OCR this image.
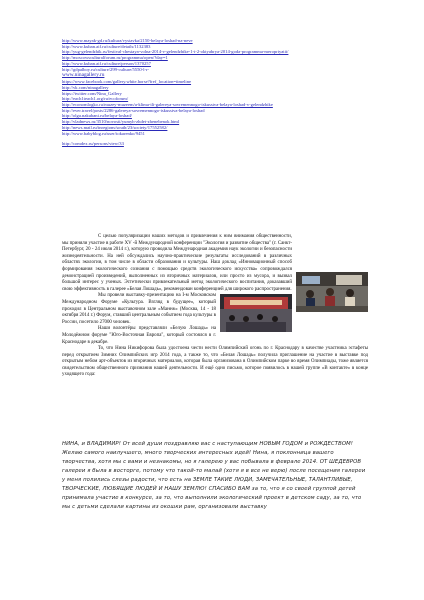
http://www.mayak-gd.ru/kultura/vystavka/2150-belaya-loshad-na-neve
http://www.kuban.aif.ru/culture/details/1132383
http://yug-gelendzhik.ru/festival-chestaya-volna-2014-v-gelendzhike-1-i-2-oktyabrya-2014-goda-programma-meropriyatii/
http://moscowsculturalforum.ru/programma/open/?day=1
http://www.kuban.aif.ru/culture/person/1370257
http://gdpalboy.ru/culture/299-culture/5550-l-r-
www.ninagallery.ru
https://www.facebook.com/gallery.white.horse?fref_location=timeline
http://vk.com/ninagallery
https://twitter.com/Nina_Gallery
http://each1teach1.org/ru/ecoforum/
http://economlogko.ru/muzey-muzeem/a-klima-ili-galereya-sovremennogo-iskusstva-belaya-loshad-v-gelendzhike
http://ever.travel/posts/2286-galereya-sovremennogo-iskusstva-belaya-loshad
http://olga.nakubani.ru/belaya-loshad/
http://vladnews.ru/3510/novosti/yumyh-zhdet-zhenebenok.html
http://news.mail.ru/inregions/south/23/society/17552582/
http://www.babyblog.ru/user/tokarenko/9451
http://comdex.ru/persons/view/33

С целью популяризации наших методов и привлечения к ним внимания общественности, мы приняли участие в работе XV -й Международной конференции "Экология и развитие общества" (г. Санкт-Петербург, 20 - 24 июля 2014 г.), которую проводила Международная академия наук экологии и безопасности жизнедеятельности. На ней обсуждались научно-практические результаты исследований в различных областях экологии, в том числе в области образования и культуры. Наш доклад «Инновационный способ формирования экологического сознания с помощью средств экологического искусства» сопровождался демонстрацией произведений, выполненных из вторичных материалов, или просто из мусора, и вызвал большой интерес у ученых. Эстетически привлекательный метод экологического воспитания, доказавший свою эффективность в галерее «Белая Лошадь», рекомендован конференцией для широкого распространения.

Мы провели выставку-презентацию на I-м Московском Международном Форуме «Культура. Взгляд в будущее», который проходил в Центральном выставочном зале «Манеж» (Москва, 14 - 18 октября 2014 г.) Форум, ставший центральным событием года культуры в России, посетило 27000 человек.

Наши волонтёры представляли «Белую Лошадь» на Молодёжном форуме "Юго-Восточная Европа", который состоялся в г. Краснодаре в декабре.

То, что Нина Никифорова была удостоена чести нести Олимпийский огонь по г. Краснодару в качестве участника эстафеты перед открытием Зимних Олимпийских игр 2014 года, а также то, что «Белая Лошадь» получила приглашение на участие в выставке под открытым небом арт-объектов из вторичных материалов, которая была организована в Олимпийском парке во время Олимпиады, тоже является свидетельством общественного признания нашей деятельности. И ещё одно письмо, которое появилось в нашей группе «В контакте» в конце уходящего года:

НИНА, и ВЛАДИМИР! От всей души поздравляю вас с наступающим НОВЫМ ГОДОМ и РОЖДЕСТВОМ! Желаю самого наилучшего, много творческих интересных идей! Нина, я поклонница вашего творчества, хотя мы с вами и незнакомы, но я галерею у вас побывала в феврале 2014. ОТ ШЕДЕВРОВ галереи я была в восторге, потому что такой-то малай (хотя я в все не верю) после посещения галереи у меня полились слезы радости, что есть на ЗЕМЛЕ ТАКИЕ ЛЮДИ, ЗАМЕЧАТЕЛЬНЫЕ, ТАЛАНТЛИВЫЕ, ТВОРЧЕСКИЕ, ЛЮБЯЩИЕ ЛЮДЕЙ И НАШУ ЗЕМЛЮ! СПАСИБО ВАМ за то, что я со своей группой детей принимала участие в конкурсе, за то, что выполнили экологический проект в детском саду, за то, что мы с детьми сделали картины из окошки рам, организовали выставку
